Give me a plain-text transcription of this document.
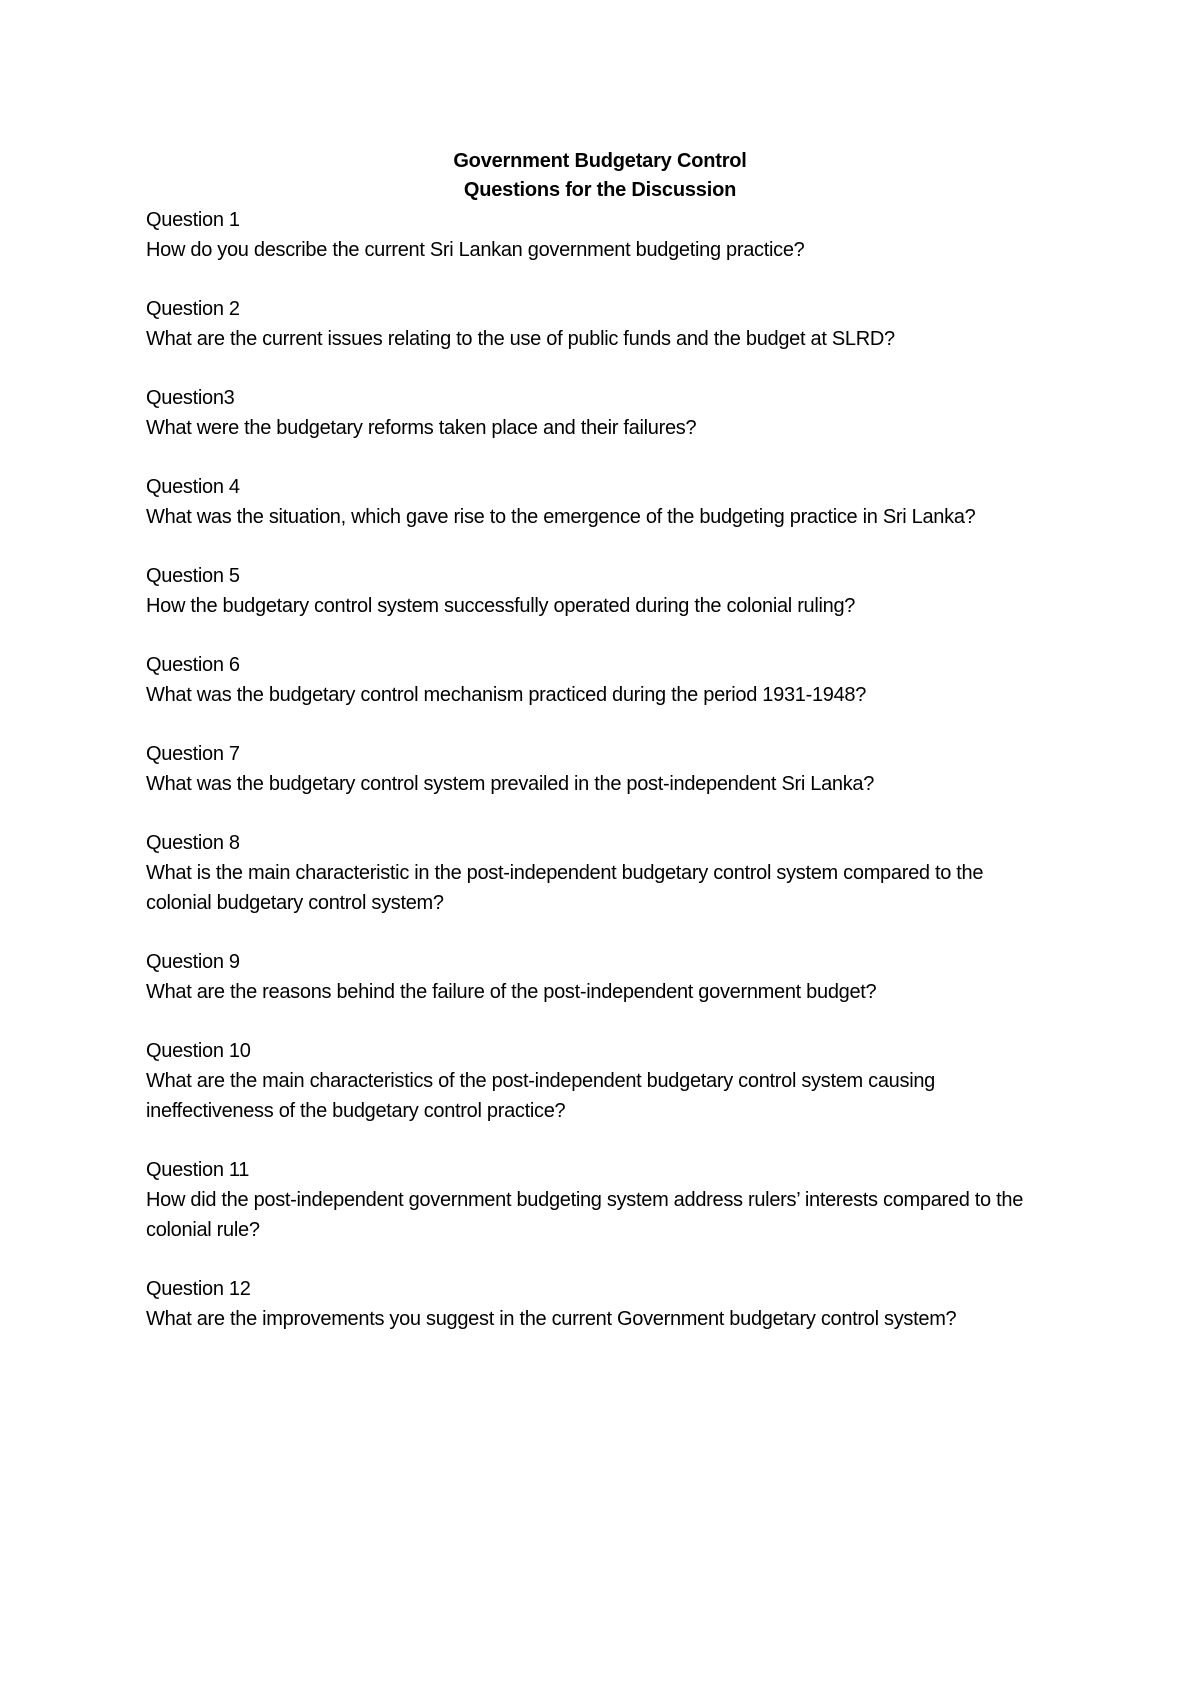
Government Budgetary Control
Questions for the Discussion
Question 1
How do you describe the current Sri Lankan government budgeting practice?
Question 2
What are the current issues relating to the use of public funds and the budget at SLRD?
Question3
What were the budgetary reforms taken place and their failures?
Question 4
What was the situation, which gave rise to the emergence of the budgeting practice in Sri Lanka?
Question 5
How the budgetary control system successfully operated during the colonial ruling?
Question 6
What was the budgetary control mechanism practiced during the period 1931-1948?
Question 7
What was the budgetary control system prevailed in the post-independent Sri Lanka?
Question 8
What is the main characteristic in the post-independent budgetary control system compared to the colonial budgetary control system?
Question 9
What are the reasons behind the failure of the post-independent government budget?
Question 10
What are the main characteristics of the post-independent budgetary control system causing ineffectiveness of the budgetary control practice?
Question 11
How did the post-independent government budgeting system address rulers’ interests compared to the colonial rule?
Question 12
What are the improvements you suggest in the current Government budgetary control system?
